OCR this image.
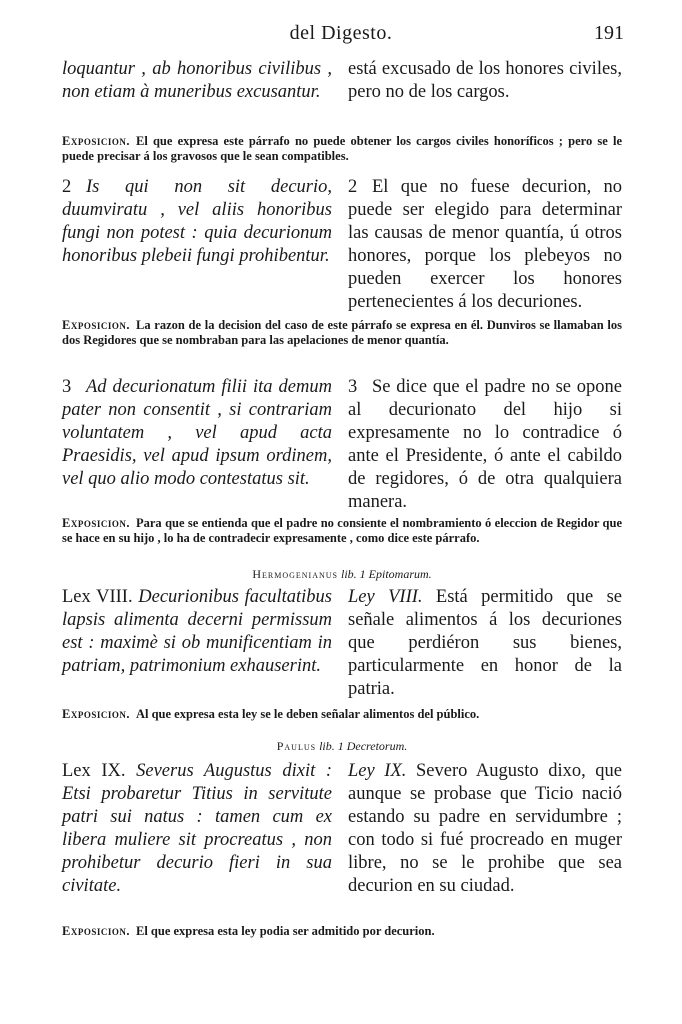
del Digesto.	191
loquantur , ab honoribus civilibus , non etiam à muneribus excusantur.
está excusado de los honores civiles, pero no de los cargos.
Exposicion. El que expresa este párrafo no puede obtener los cargos civiles honoríficos ; pero se le puede precisar á los gravosos que le sean compatibles.
2 Is qui non sit decurio, duumviratu , vel aliis honoribus fungi non potest : quia decurionum honoribus plebeii fungi prohibentur.
2 El que no fuese decurion, no puede ser elegido para determinar las causas de menor quantía, ú otros honores, porque los plebeyos no pueden exercer los honores pertenecientes á los decuriones.
Exposicion. La razon de la decision del caso de este párrafo se expresa en él. Dunviros se llamaban los dos Regidores que se nombraban para las apelaciones de menor quantía.
3 Ad decurionatum filii ita demum pater non consentit , si contrariam voluntatem , vel apud acta Praesidis, vel apud ipsum ordinem, vel quo alio modo contestatus sit.
3 Se dice que el padre no se opone al decurionato del hijo si expresamente no lo contradice ó ante el Presidente, ó ante el cabildo de regidores, ó de otra qualquiera manera.
Exposicion. Para que se entienda que el padre no consiente el nombramiento ó eleccion de Regidor que se hace en su hijo , lo ha de contradecir expresamente , como dice este párrafo.
Hermogenianus lib. 1 Epitomarum.
Lex VIII. Decurionibus facultatibus lapsis alimenta decerni permissum est : maximè si ob munificentiam in patriam, patrimonium exhauserint.
Ley VIII. Está permitido que se señale alimentos á los decuriones que perdiéron sus bienes, particularmente en honor de la patria.
Exposicion. Al que expresa esta ley se le deben señalar alimentos del público.
Paulus lib. 1 Decretorum.
Lex IX. Severus Augustus dixit : Etsi probaretur Titius in servitute patri sui natus : tamen cum ex libera muliere sit procreatus , non prohibetur decurio fieri in sua civitate.
Ley IX. Severo Augusto dixo, que aunque se probase que Ticio nació estando su padre en servidumbre ; con todo si fué procreado en muger libre, no se le prohibe que sea decurion en su ciudad.
Exposicion. El que expresa esta ley podia ser admitido por decurion.
